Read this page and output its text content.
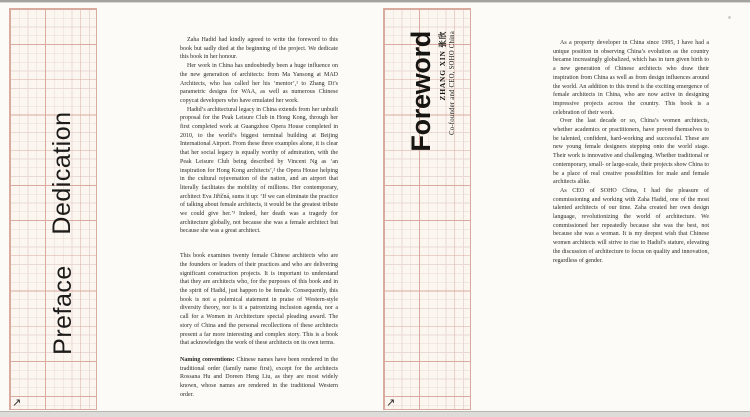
↗
Dedication
Preface

Zaha Hadid had kindly agreed to write the foreword to this book but sadly died at the beginning of the project. We dedicate this book in her honour.

Her work in China has undoubtedly been a huge influence on the new generation of architects: from Ma Yansong at MAD Architects, who has called her his ‘mentor’,¹ to Zhang Di’s parametric designs for WAA, as well as numerous Chinese copycat developers who have emulated her work.

Hadid’s architectural legacy in China extends from her unbuilt proposal for the Peak Leisure Club in Hong Kong, through her first completed work at Guangzhou Opera House completed in 2010, to the world’s biggest terminal building at Beijing International Airport. From these three examples alone, it is clear that her social legacy is equally worthy of admiration, with the Peak Leisure Club being described by Vincent Ng as ‘an inspiration for Hong Kong architects’,² the Opera House helping in the cultural rejuvenation of the nation, and an airport that literally facilitates the mobility of millions. Her contemporary, architect Eva Jiřičná, sums it up: ‘If we can eliminate the practice of talking about female architects, it would be the greatest tribute we could give her.’³ Indeed, her death was a tragedy for architecture globally, not because she was a female architect but because she was a great architect.

This book examines twenty female Chinese architects who are the founders or leaders of their practices and who are delivering significant construction projects. It is important to understand that they are architects who, for the purposes of this book and in the spirit of Hadid, just happen to be female. Consequently, this book is not a polemical statement in praise of Western-style diversity theory, nor is it a patronizing inclusion agenda, nor a call for a Women in Architecture special pleading award. The story of China and the personal recollections of these architects present a far more interesting and complex story. This is a book that acknowledges the work of these architects on its own terms.

Naming conventions: Chinese names have been rendered in the traditional order (family name first), except for the architects Rossana Hu and Doreen Heng Liu, as they are most widely known, whose names are rendered in the traditional Western order.

↗
Foreword ZHANG XIN 张欣 Co-founder and CEO, SOHO China	As a property developer in China since 1995, I have had a unique position in observing China’s evolution as the country became increasingly globalized, which has in turn given birth to a new generation of Chinese architects who draw their inspiration from China as well as from design influences around the world. An addition to this trend is the exciting emergence of female architects in China, who are now active in designing impressive projects across the country. This book is a celebration of their work.

Over the last decade or so, China’s women architects, whether academics or practitioners, have proved themselves to be talented, confident, hard-working and successful. These are new young female designers stepping onto the world stage. Their work is innovative and challenging. Whether traditional or contemporary, small- or large-scale, their projects show China to be a place of real creative possibilities for male and female architects alike.

As CEO of SOHO China, I had the pleasure of commissioning and working with Zaha Hadid, one of the most talented architects of our time. Zaha created her own design language, revolutionizing the world of architecture. We commissioned her repeatedly because she was the best, not because she was a woman. It is my deepest wish that Chinese women architects will strive to rise to Hadid’s stature, elevating the discussion of architecture to focus on quality and innovation, regardless of gender.
